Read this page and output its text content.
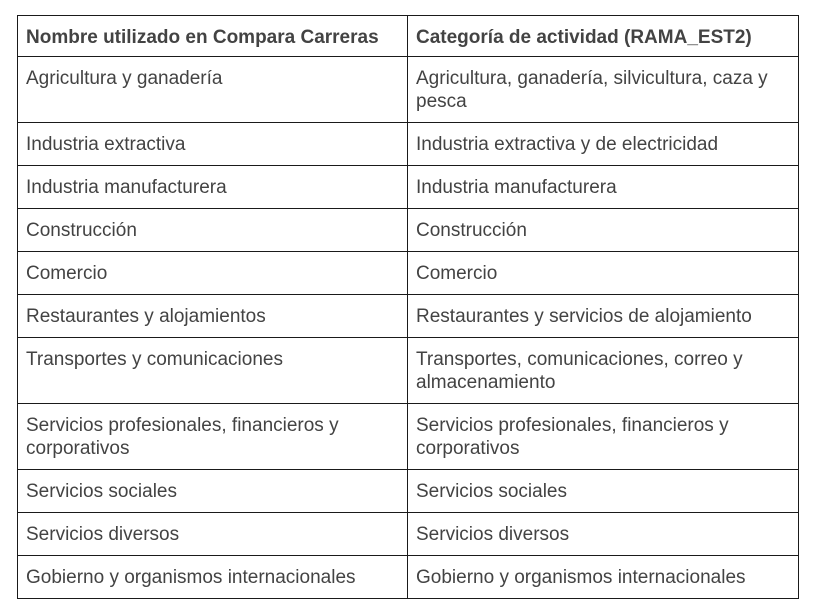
Nombre utilizado en Compara Carreras	Categoría de actividad (RAMA_EST2)
Agricultura y ganadería	Agricultura, ganadería, silvicultura, caza y pesca
Industria extractiva	Industria extractiva y de electricidad
Industria manufacturera	Industria manufacturera
Construcción	Construcción
Comercio	Comercio
Restaurantes y alojamientos	Restaurantes y servicios de alojamiento
Transportes y comunicaciones	Transportes, comunicaciones, correo y almacenamiento
Servicios profesionales, financieros y corporativos	Servicios profesionales, financieros y corporativos
Servicios sociales	Servicios sociales
Servicios diversos	Servicios diversos
Gobierno y organismos internacionales	Gobierno y organismos internacionales
